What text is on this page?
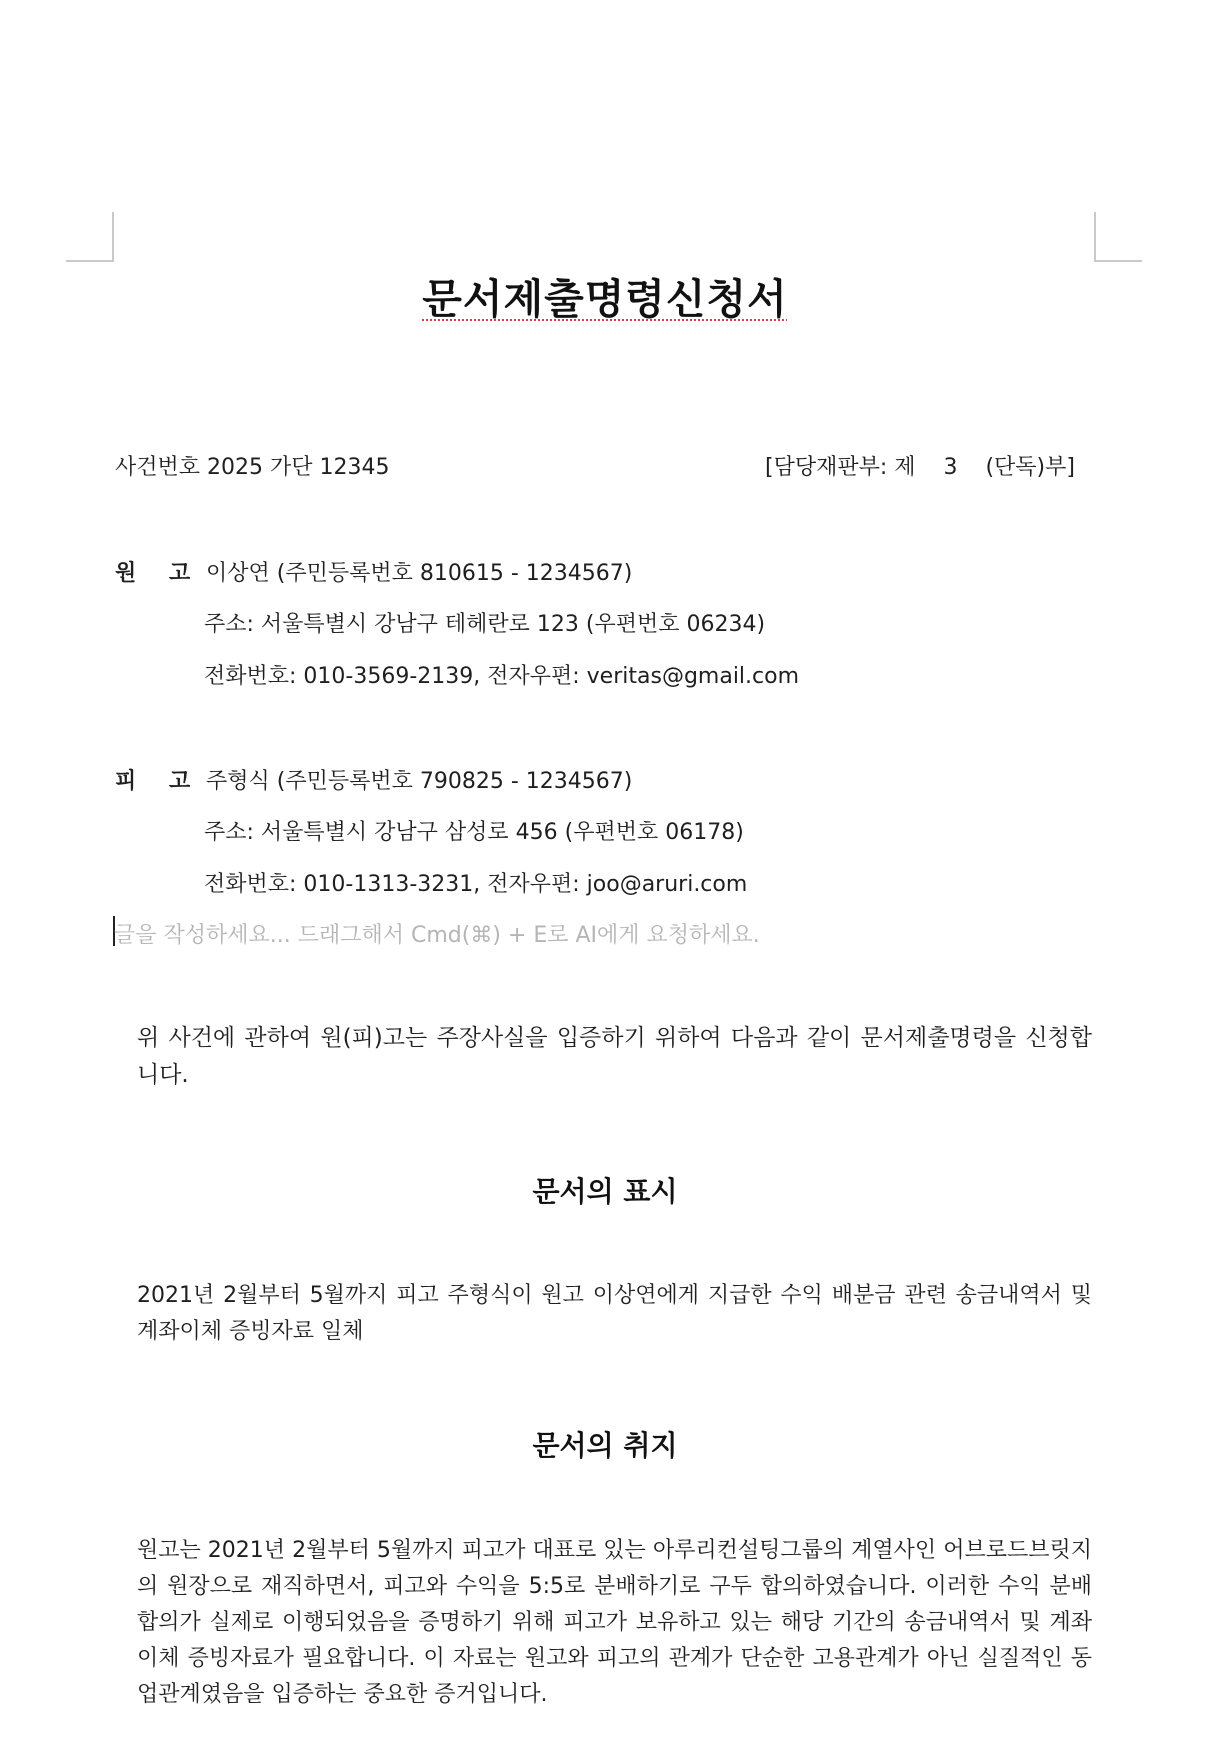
문서제출명령신청서
사건번호 2025 가단 12345	[담당재판부: 제    3    (단독)부]
원 고 이상연 (주민등록번호 810615 - 1234567)
주소: 서울특별시 강남구 테헤란로 123 (우편번호 06234)
전화번호: 010-3569-2139, 전자우편: veritas@gmail.com
피 고 주형식 (주민등록번호 790825 - 1234567)
주소: 서울특별시 강남구 삼성로 456 (우편번호 06178)
전화번호: 010-1313-3231, 전자우편: joo@aruri.com
글을 작성하세요... 드래그해서 Cmd(⌘) + E로 AI에게 요청하세요.
위 사건에 관하여 원(피)고는 주장사실을 입증하기 위하여 다음과 같이 문서제출명령을 신청합니다.
문서의 표시
2021년 2월부터 5월까지 피고 주형식이 원고 이상연에게 지급한 수익 배분금 관련 송금내역서 및 계좌이체 증빙자료 일체
문서의 취지
원고는 2021년 2월부터 5월까지 피고가 대표로 있는 아루리컨설팅그룹의 계열사인 어브로드브릿지의 원장으로 재직하면서, 피고와 수익을 5:5로 분배하기로 구두 합의하였습니다. 이러한 수익 분배 합의가 실제로 이행되었음을 증명하기 위해 피고가 보유하고 있는 해당 기간의 송금내역서 및 계좌이체 증빙자료가 필요합니다. 이 자료는 원고와 피고의 관계가 단순한 고용관계가 아닌 실질적인 동업관계였음을 입증하는 중요한 증거입니다.
